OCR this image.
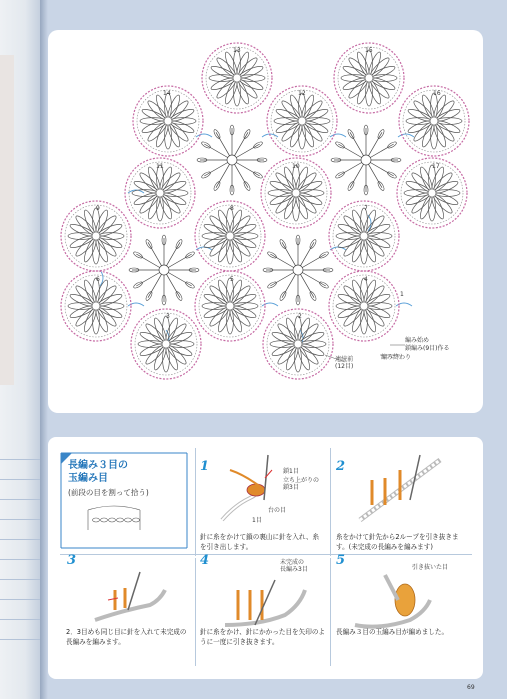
13
14
15
16
12
11	10
9	8
17
7
6	5	4
3	2
1
編み始め
鎖編み(9目)作る
編み終わり
連続前
(12目)
長編み３目の
玉編み目
(前段の目を割って拾う)
1	2
3	4	5
鎖1目
立ち上がりの
鎖3目
1目
台の目
未完成の
長編み3目	引き抜いた目
針に糸をかけて鎖の裏山に針を入れ、糸
を引き出します。
糸をかけて針先から2ループを引き抜きま
す。(未完成の長編みを編みます)
2．3目めも同じ目に針を入れて未完成の
長編みを編みます。
針に糸をかけ、針にかかった目を矢印のよ
うに一度に引き抜きます。
長編み３目の玉編み目が編めました。
69
